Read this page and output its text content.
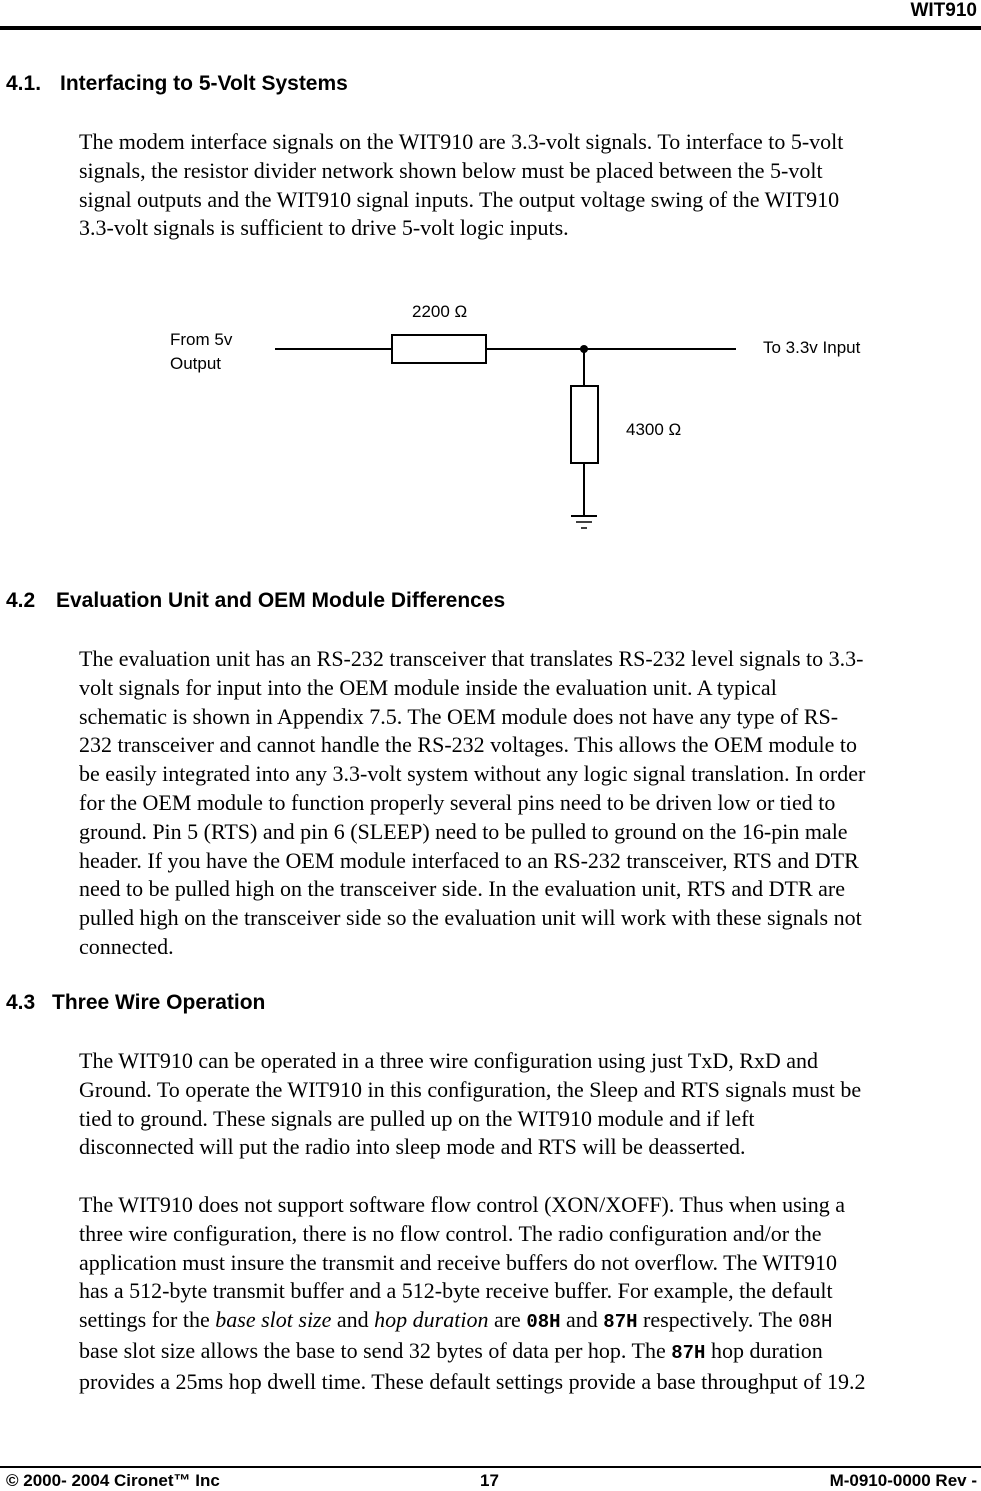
WIT910
4.1. Interfacing to 5-Volt Systems
The modem interface signals on the WIT910 are 3.3-volt signals. To interface to 5-volt
signals, the resistor divider network shown below must be placed between the 5-volt
signal outputs and the WIT910 signal inputs. The output voltage swing of the WIT910
3.3-volt signals is sufficient to drive 5-volt logic inputs.
From 5v
Output
To 3.3v Input
2200 Ω
4300 Ω
4.2 Evaluation Unit and OEM Module Differences
The evaluation unit has an RS-232 transceiver that translates RS-232 level signals to 3.3-
volt signals for input into the OEM module inside the evaluation unit. A typical
schematic is shown in Appendix 7.5. The OEM module does not have any type of RS-
232 transceiver and cannot handle the RS-232 voltages. This allows the OEM module to
be easily integrated into any 3.3-volt system without any logic signal translation. In order
for the OEM module to function properly several pins need to be driven low or tied to
ground. Pin 5 (RTS) and pin 6 (SLEEP) need to be pulled to ground on the 16-pin male
header. If you have the OEM module interfaced to an RS-232 transceiver, RTS and DTR
need to be pulled high on the transceiver side. In the evaluation unit, RTS and DTR are
pulled high on the transceiver side so the evaluation unit will work with these signals not
connected.
4.3 Three Wire Operation
The WIT910 can be operated in a three wire configuration using just TxD, RxD and
Ground. To operate the WIT910 in this configuration, the Sleep and RTS signals must be
tied to ground. These signals are pulled up on the WIT910 module and if left
disconnected will put the radio into sleep mode and RTS will be deasserted.
The WIT910 does not support software flow control (XON/XOFF). Thus when using a
three wire configuration, there is no flow control. The radio configuration and/or the
application must insure the transmit and receive buffers do not overflow. The WIT910
has a 512-byte transmit buffer and a 512-byte receive buffer. For example, the default
settings for the base slot size and hop duration are 08H and 87H respectively. The 08H
base slot size allows the base to send 32 bytes of data per hop. The 87H hop duration
provides a 25ms hop dwell time. These default settings provide a base throughput of 19.2
© 2000- 2004 Cironet™ Inc	17	M-0910-0000 Rev -
